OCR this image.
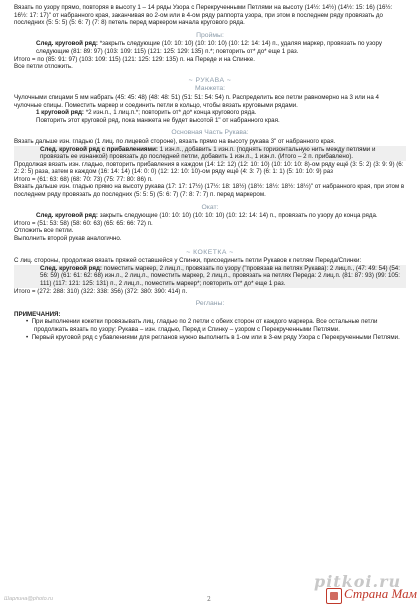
Вязать по узору прямо, повторяя в высоту 1 – 14 ряды Узора с Перекрученными Петлями на высоту (14½: 14½) (14½: 15: 16) (16½: 16½: 17: 17)" от набранного края, заканчивая во 2-ом или в 4-ом ряду раппорта узора, при этом в последнем ряду провязать до последних (5: 5: 5) (5: 6: 7) (7: 8) петель перед маркером начала кругового ряда.

Проймы:

След. круговой ряд: *закрыть следующие (10: 10: 10) (10: 10: 10) (10: 12: 14: 14) п., удаляя маркер, провязать по узору следующие (81: 89: 97) (103: 109: 115) (121: 125: 129: 135) п.*; повторить от* до* еще 1 раз.

Итого = по (85: 91: 97) (103: 109: 115) (121: 125: 129: 135) п. на Переде и на Спинке.

Все петли отложить.

~ РУКАВА ~
Манжета:

Чулочными спицами 5 мм набрать (45: 45: 48) (48: 48: 51) (51: 51: 54: 54) п. Распределить все петли равномерно на 3 или на 4 чулочные спицы. Поместить маркер и соединить петли в кольцо, чтобы вязать круговыми рядами.

1 круговой ряд: *2 изн.п., 1 лиц.п.*; повторить от* до* конца кругового ряда.

Повторить этот круговой ряд, пока манжета не будет высотой 1" от набранного края.

Основная Часть Рукава:

Вязать дальше изн. гладью (1 лиц. по лицевой стороне), вязать прямо на высоту рукава 3" от набранного края.

След. круговой ряд с прибавлениями: 1 изн.п., добавить 1 изн.п. (поднять горизонтальную нить между петлями и провязать ее изнанкой) провязать до последней петли, добавить 1 изн.п., 1 изн.п. (Итого – 2 п. прибавлено).

Продолжая вязать изн. гладью, повторить прибавления в каждом (14: 12: 12) (12: 10: 10) (10: 10: 10: 8)-ом ряду ещё (3: 5: 2) (3: 9: 9) (6: 2: 2: 5) раза, затем в каждом (16: 14: 14) (14: 0: 0) (12: 12: 10: 10)-ом ряду ещё (4: 3: 7) (6: 1: 1) (5: 10: 10: 9) раз

Итого = (61: 63: 68) (68: 70: 73) (75: 77: 80: 86) п.

Вязать дальше изн. гладью прямо на высоту рукава (17: 17: 17½) (17½: 18: 18½) (18½: 18½: 18½: 18½)" от набранного края, при этом в последнем ряду провязать до последних (5: 5: 5) (5: 6: 7) (7: 8: 7: 7) п. перед маркером.

Окат:

След. круговой ряд: закрыть следующие (10: 10: 10) (10: 10: 10) (10: 12: 14: 14) п., провязать по узору до конца ряда.

Итого = (51: 53: 58) (58: 60: 63) (65: 65: 66: 72) п.

Отложить все петли.

Выполнить второй рукав аналогично.

~ КОКЕТКА ~

С лиц. стороны, продолжая вязать пряжей оставшейся у Спинки, присоединить петли Рукавов к петлям Переда/Спинки:

След. круговой ряд: поместить маркер, 2 лиц.п., провязать по узору ("провязав на петлях Рукава): 2 лиц.п., (47: 49: 54) (54: 56: 59) (61: 61: 62: 68) изн.п., 2 лиц.п., поместить маркер, 2 лиц.п., провязать на петлях Переда: 2 лиц.п. (81: 87: 93) (99: 105: 111) (117: 121: 125: 131) п., 2 лиц.п., поместить маркер*; повторить от* до* еще 1 раз.

Итого = (272: 288: 310) (322: 338: 356) (372: 380: 390: 414) п.

Регланы:

ПРИМЕЧАНИЯ:

•  При выполнении кокетки провязывать лиц. гладью по 2 петли с обеих сторон от каждого маркера. Все остальные петли продолжать вязать по узору: Рукава – изн. гладью, Перед и Спинку – узором с Перекрученными Петлями.

•  Первый круговой ряд с убавлениями для регланов нужно выполнить в 1-ом или в 3-ем ряду Узора с Перекрученными Петлями.

Шарлина@photo.ru	2
pitkoi.ru
Страна Мам
